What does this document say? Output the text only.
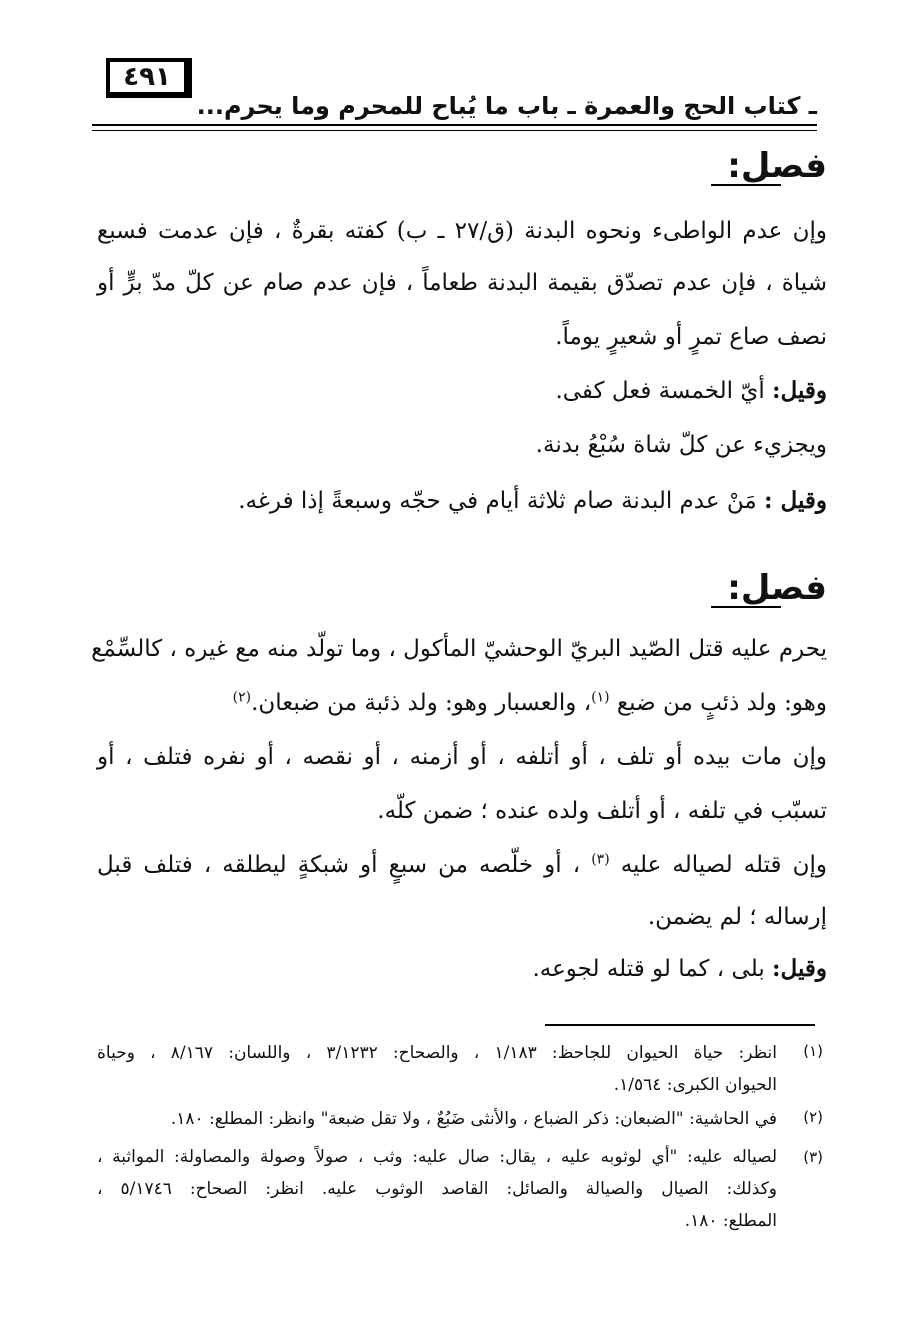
٤٩١
ـ كتاب الحج والعمرة ـ باب ما يُباح للمحرم وما يحرم...
فصل:
وإن عدم الواطىء ونحوه البدنة (ق/٢٧ ـ ب) كفته بقرةٌ ، فإن عدمت فسبع
شياة ، فإن عدم تصدّق بقيمة البدنة طعاماً ، فإن عدم صام عن كلّ مدّ برٍّ أو
نصف صاع تمرٍ أو شعيرٍ يوماً.
وقيل: أيّ الخمسة فعل كفى.
ويجزيء عن كلّ شاة سُبْعُ بدنة.
وقيل : مَنْ عدم البدنة صام ثلاثة أيام في حجّه وسبعةً إذا فرغه.
فصل:
يحرم عليه قتل الصّيد البريّ الوحشيّ المأكول ، وما تولّد منه مع غيره ، كالسِّمْع
وهو: ولد ذئبٍ من ضبع $^{(١)}$، والعسبار وهو: ولد ذئبة من ضبعان.$^{(٢)}$
وإن مات بيده أو تلف ، أو أتلفه ، أو أزمنه ، أو نقصه ، أو نفره فتلف ، أو
تسبّب في تلفه ، أو أتلف ولده عنده ؛ ضمن كلّه.
وإن قتله لصياله عليه $^{(٣)}$ ، أو خلّصه من سبعٍ أو شبكةٍ ليطلقه ، فتلف قبل
إرساله ؛ لم يضمن.
وقيل: بلى ، كما لو قتله لجوعه.
(١)
انظر: حياة الحيوان للجاحظ: ١/١٨٣ ، والصحاح: ٣/١٢٣٢ ، واللسان: ٨/١٦٧ ، وحياة
الحيوان الكبرى: ١/٥٦٤.
(٢)
في الحاشية: "الضبعان: ذكر الضباع ، والأنثى ضَبُعٌ ، ولا تقل ضبعة" وانظر: المطلع: ١٨٠.
(٣)
لصياله عليه: "أي لوثوبه عليه ، يقال: صال عليه: وثب ، صولاً وصولة والمصاولة: المواثبة ،
وكذلك: الصيال والصيالة والصائل: القاصد الوثوب عليه. انظر: الصحاح: ٥/١٧٤٦ ،
المطلع: ١٨٠.
